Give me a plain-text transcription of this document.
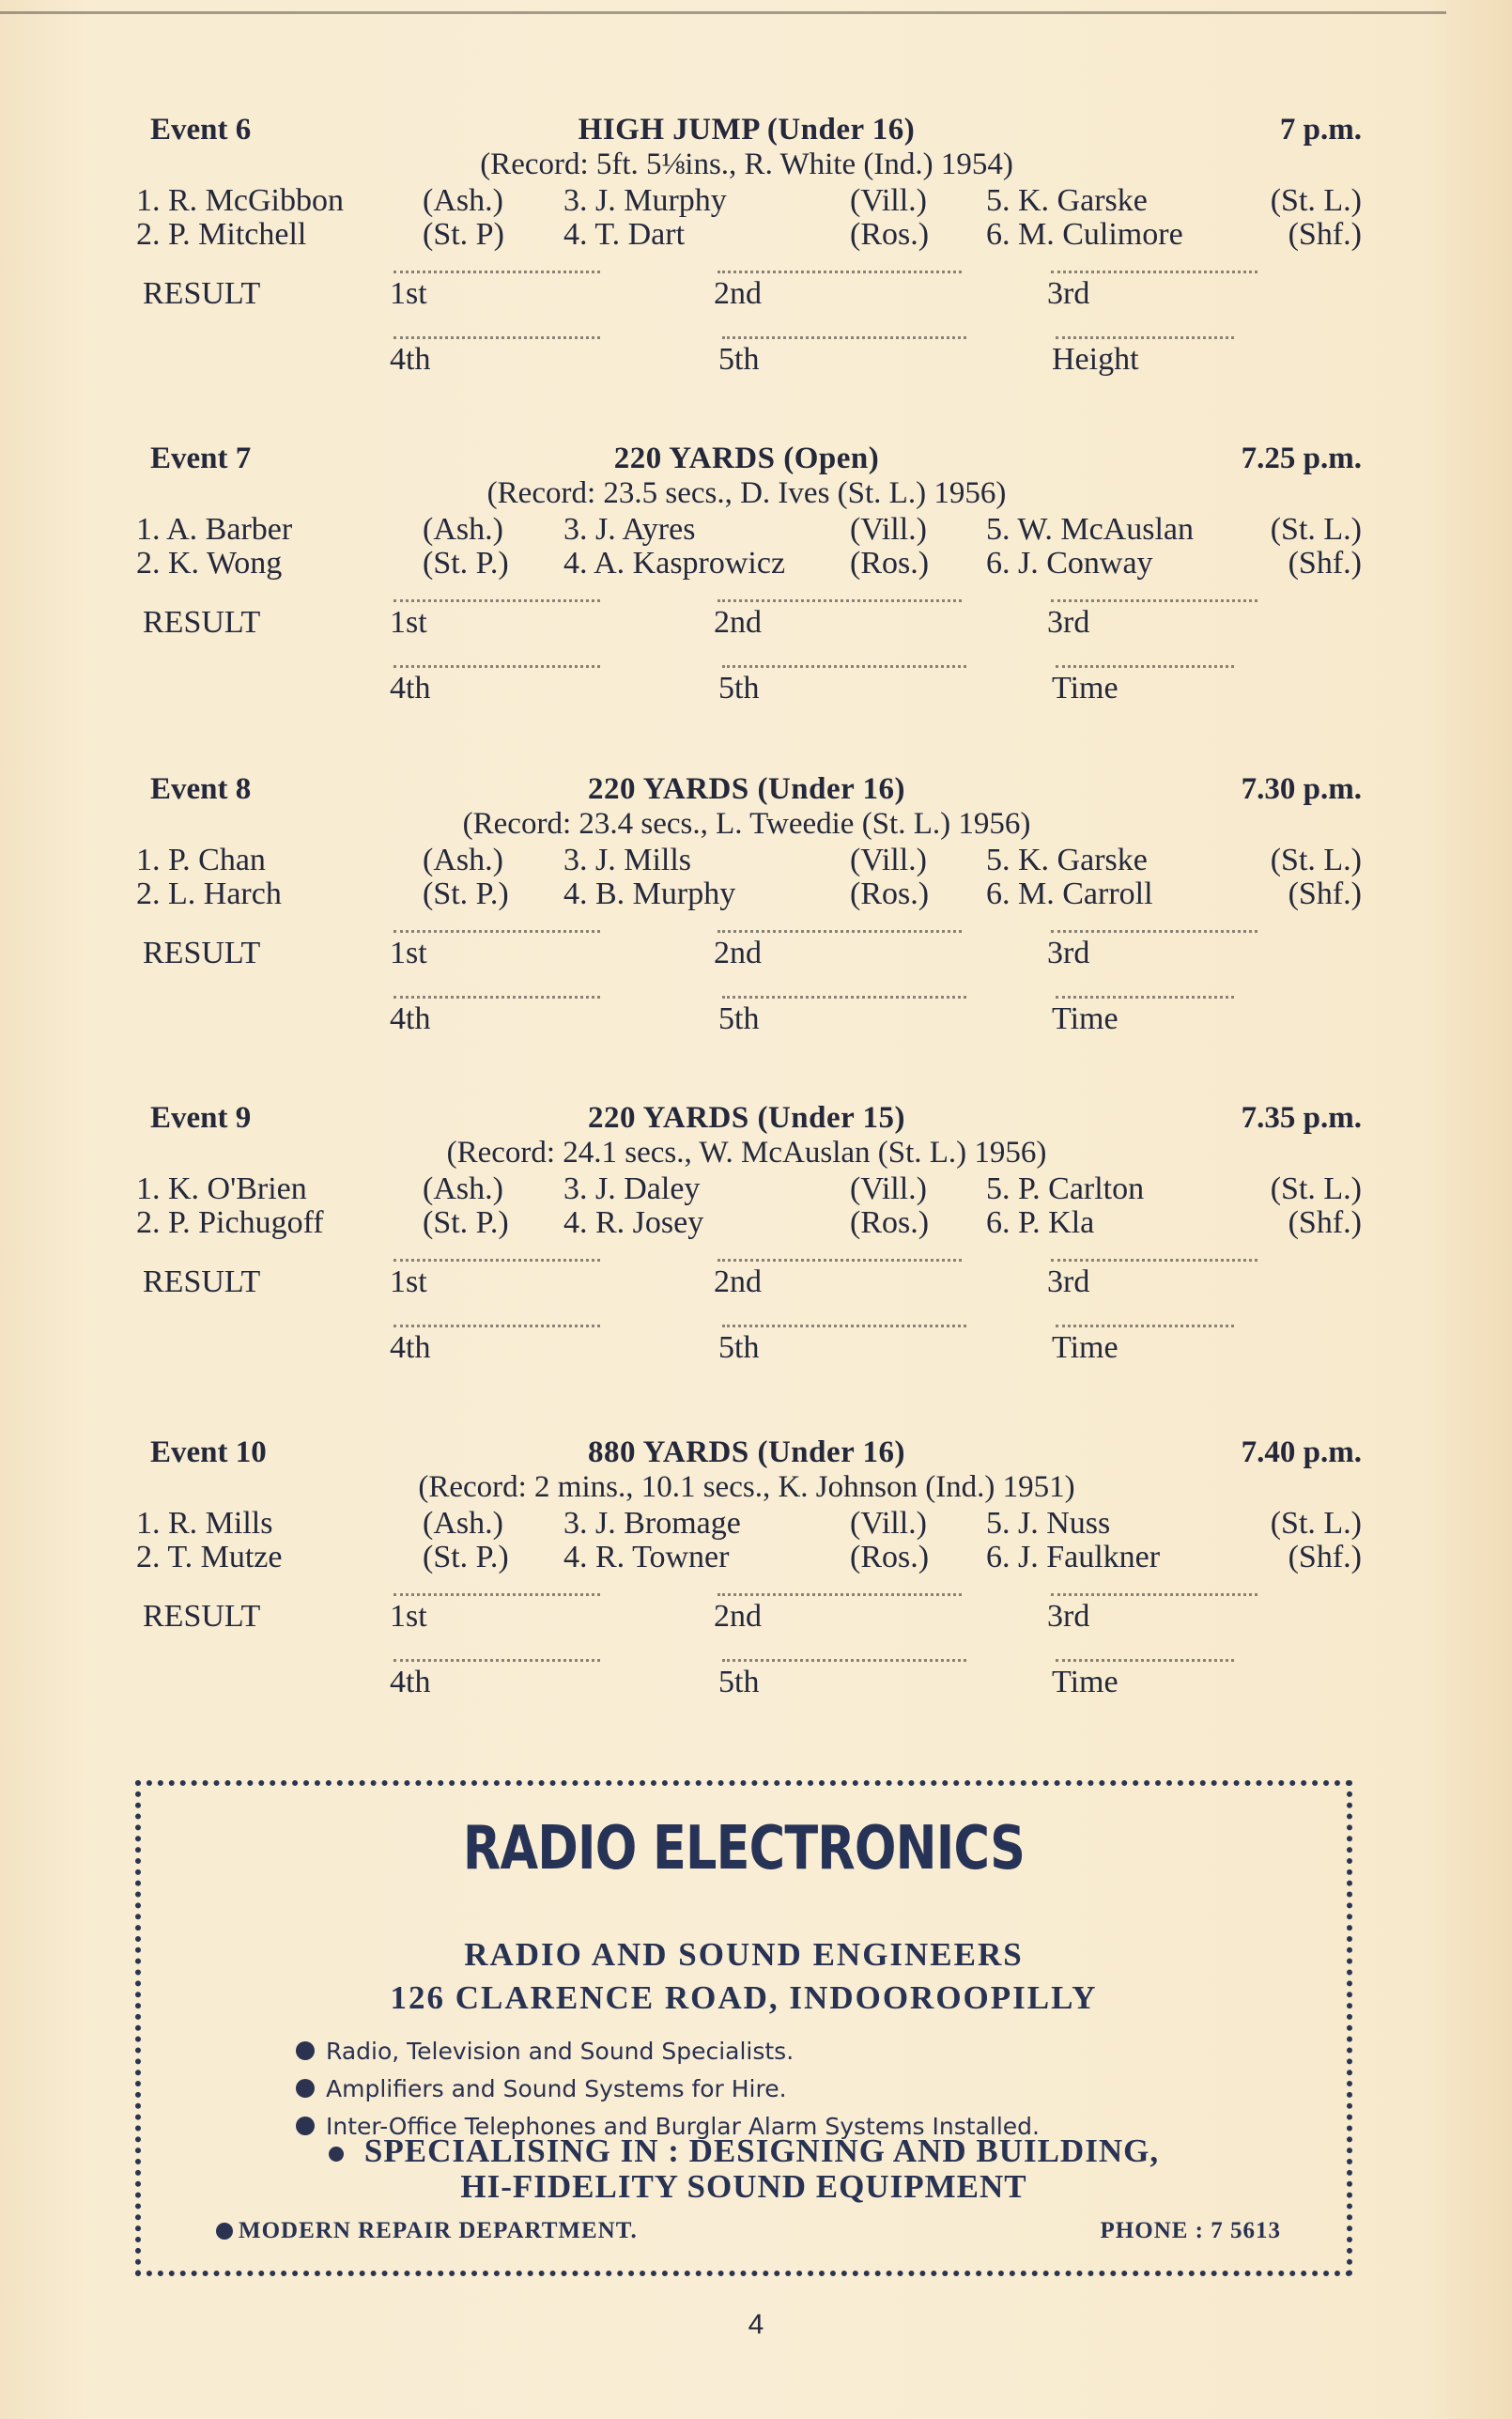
Event 6	HIGH JUMP (Under 16)	7 p.m.
(Record: 5ft. 5⅛ins., R. White (Ind.) 1954)
1. R. McGibbon (Ash.) 3. J. Murphy	(Vill.) 5. K. Garske	(St. L.)
2. P. Mitchell	(St. P) 4. T. Dart	(Ros.) 6. M. Culimore	(Shf.)
RESULT	1st	2nd	3rd
4th	5th	Height
Event 7	220 YARDS (Open)	7.25 p.m.
(Record: 23.5 secs., D. Ives (St. L.) 1956)
1. A. Barber	(Ash.) 3. J. Ayres	(Vill.) 5. W. McAuslan (St. L.)
2. K. Wong	(St. P.) 4. A. Kasprowicz (Ros.) 6. J. Conway	(Shf.)
RESULT	1st	2nd	3rd
4th	5th	Time
Event 8	220 YARDS (Under 16)	7.30 p.m.
(Record: 23.4 secs., L. Tweedie (St. L.) 1956)
1. P. Chan	(Ash.) 3. J. Mills	(Vill.) 5. K. Garske	(St. L.)
2. L. Harch	(St. P.) 4. B. Murphy	(Ros.) 6. M. Carroll	(Shf.)
RESULT	1st	2nd	3rd
4th	5th	Time
Event 9	220 YARDS (Under 15)	7.35 p.m.
(Record: 24.1 secs., W. McAuslan (St. L.) 1956)
1. K. O'Brien	(Ash.) 3. J. Daley	(Vill.) 5. P. Carlton	(St. L.)
2. P. Pichugoff	(St. P.) 4. R. Josey	(Ros.) 6. P. Kla	(Shf.)
RESULT	1st	2nd	3rd
4th	5th	Time
Event 10	880 YARDS (Under 16)	7.40 p.m.
(Record: 2 mins., 10.1 secs., K. Johnson (Ind.) 1951)
1. R. Mills	(Ash.) 3. J. Bromage	(Vill.) 5. J. Nuss	(St. L.)
2. T. Mutze	(St. P.) 4. R. Towner	(Ros.) 6. J. Faulkner	(Shf.)
RESULT	1st	2nd	3rd
4th	5th	Time
RADIO ELECTRONICS
RADIO AND SOUND ENGINEERS
126 CLARENCE ROAD, INDOOROOPILLY
Radio, Television and Sound Specialists.
Amplifiers and Sound Systems for Hire.
Inter-Office Telephones and Burglar Alarm Systems Installed.
SPECIALISING IN : DESIGNING AND BUILDING,
HI-FIDELITY SOUND EQUIPMENT
MODERN REPAIR DEPARTMENT.	PHONE : 7 5613
4
